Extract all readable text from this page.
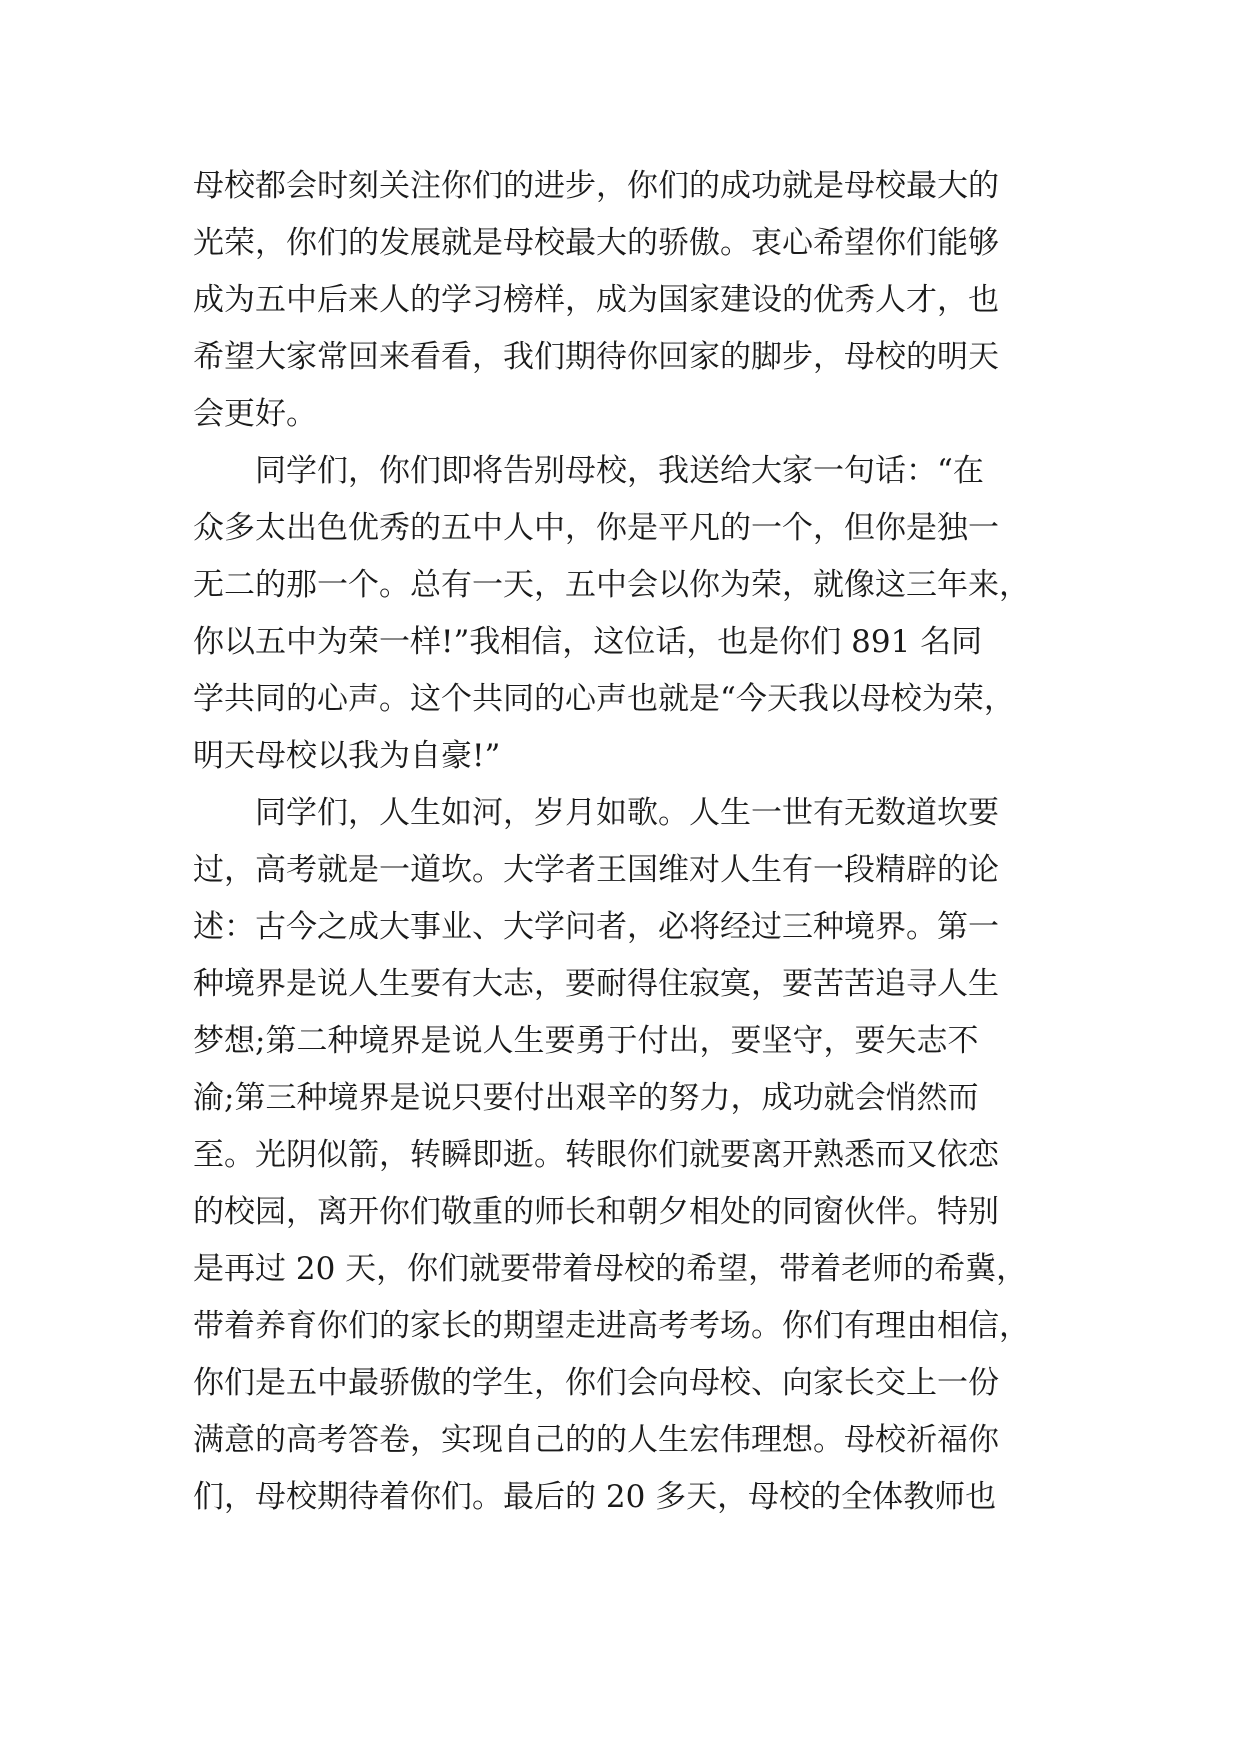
母校都会时刻关注你们的进步，你们的成功就是母校最大的
光荣，你们的发展就是母校最大的骄傲。衷心希望你们能够
成为五中后来人的学习榜样，成为国家建设的优秀人才，也
希望大家常回来看看，我们期待你回家的脚步，母校的明天
会更好。
　　同学们，你们即将告别母校，我送给大家一句话：“在
众多太出色优秀的五中人中，你是平凡的一个，但你是独一
无二的那一个。总有一天，五中会以你为荣，就像这三年来，
你以五中为荣一样!”我相信，这位话，也是你们 891 名同
学共同的心声。这个共同的心声也就是“今天我以母校为荣，
明天母校以我为自豪!”
　　同学们，人生如河，岁月如歌。人生一世有无数道坎要
过，高考就是一道坎。大学者王国维对人生有一段精辟的论
述：古今之成大事业、大学问者，必将经过三种境界。第一
种境界是说人生要有大志，要耐得住寂寞，要苦苦追寻人生
梦想;第二种境界是说人生要勇于付出，要坚守，要矢志不
渝;第三种境界是说只要付出艰辛的努力，成功就会悄然而
至。光阴似箭，转瞬即逝。转眼你们就要离开熟悉而又依恋
的校园，离开你们敬重的师长和朝夕相处的同窗伙伴。特别
是再过 20 天，你们就要带着母校的希望，带着老师的希冀，
带着养育你们的家长的期望走进高考考场。你们有理由相信，
你们是五中最骄傲的学生，你们会向母校、向家长交上一份
满意的高考答卷，实现自己的的人生宏伟理想。母校祈福你
们，母校期待着你们。最后的 20 多天，母校的全体教师也
